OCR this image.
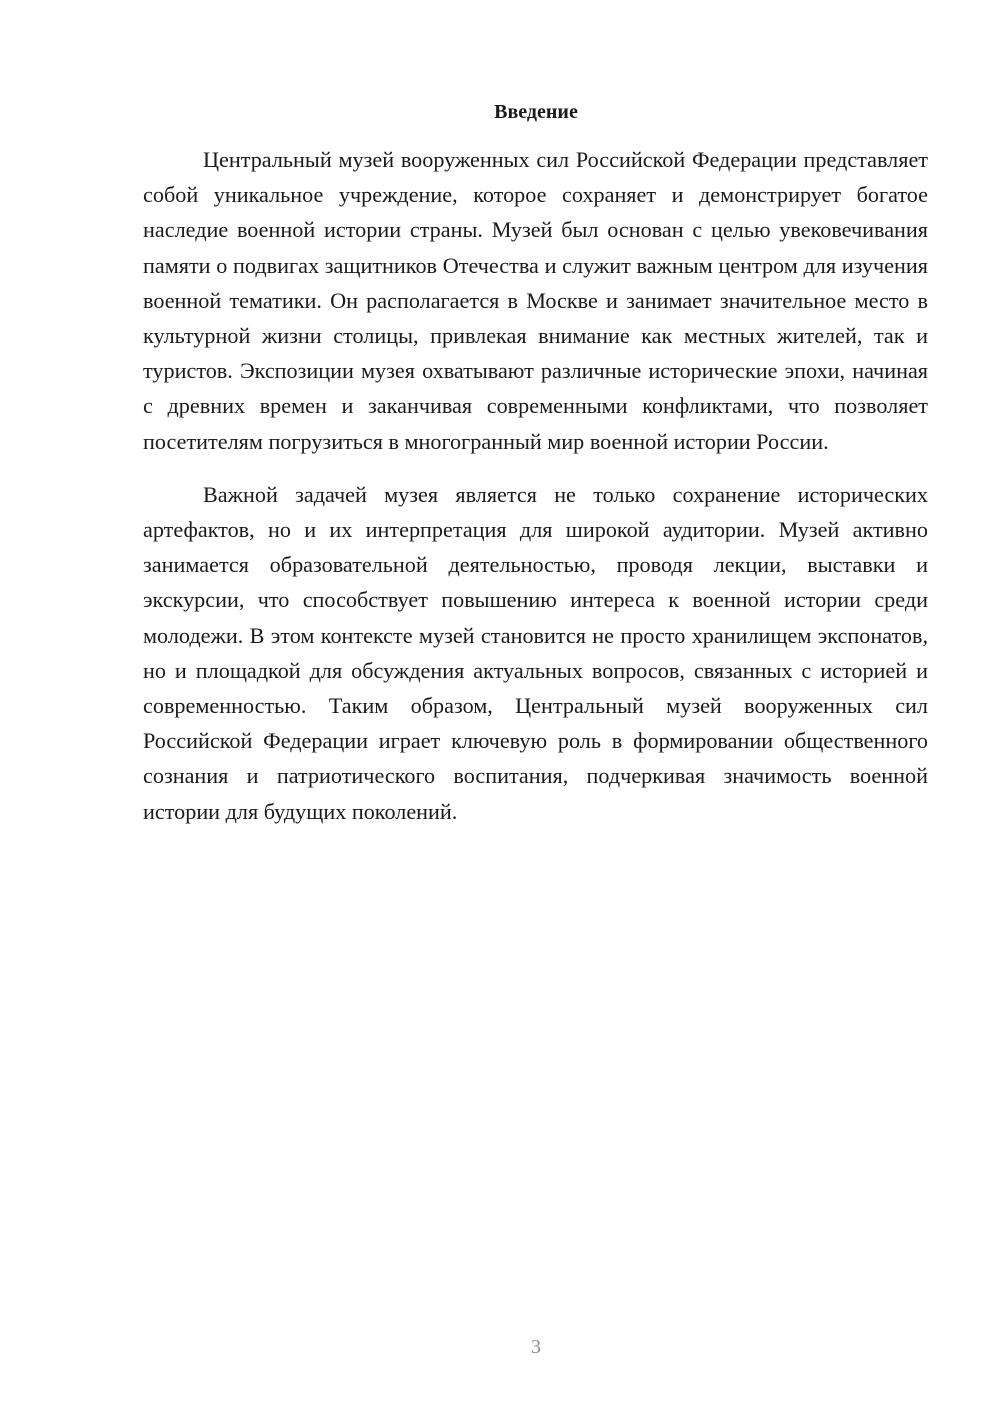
Введение

Центральный музей вооруженных сил Российской Федерации представляет собой уникальное учреждение, которое сохраняет и демонстрирует богатое наследие военной истории страны. Музей был основан с целью увековечивания памяти о подвигах защитников Отечества и служит важным центром для изучения военной тематики. Он располагается в Москве и занимает значительное место в культурной жизни столицы, привлекая внимание как местных жителей, так и туристов. Экспозиции музея охватывают различные исторические эпохи, начиная с древних времен и заканчивая современными конфликтами, что позволяет посетителям погрузиться в многогранный мир военной истории России.

Важной задачей музея является не только сохранение исторических артефактов, но и их интерпретация для широкой аудитории. Музей активно занимается образовательной деятельностью, проводя лекции, выставки и экскурсии, что способствует повышению интереса к военной истории среди молодежи. В этом контексте музей становится не просто хранилищем экспонатов, но и площадкой для обсуждения актуальных вопросов, связанных с историей и современностью. Таким образом, Центральный музей вооруженных сил Российской Федерации играет ключевую роль в формировании общественного сознания и патриотического воспитания, подчеркивая значимость военной истории для будущих поколений.

3
